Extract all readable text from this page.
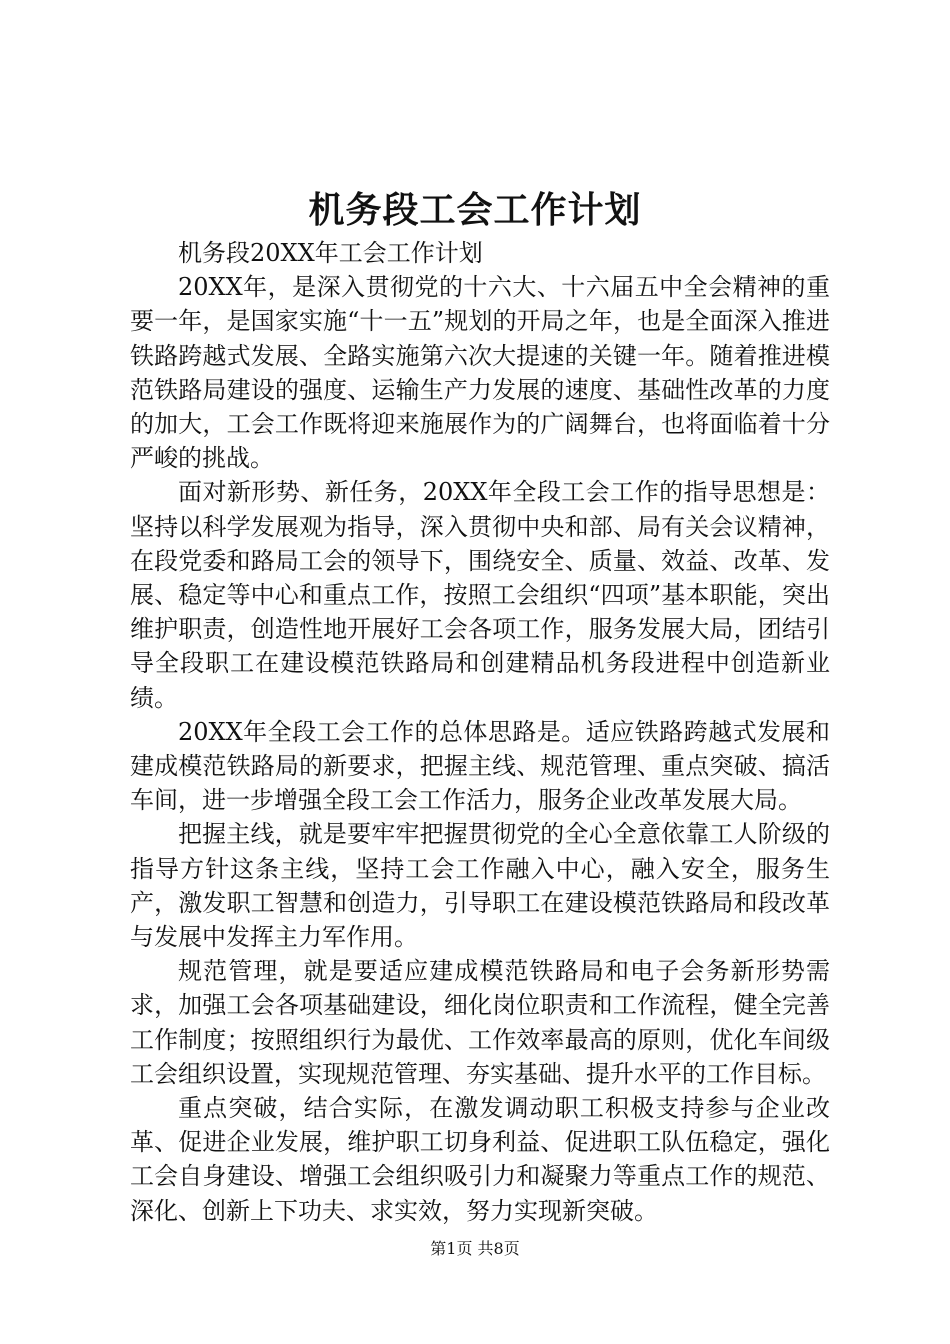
机务段工会工作计划

机务段20XX年工会工作计划

20XX年，是深入贯彻党的十六大、十六届五中全会精神的重要一年，是国家实施“十一五”规划的开局之年，也是全面深入推进铁路跨越式发展、全路实施第六次大提速的关键一年。随着推进模范铁路局建设的强度、运输生产力发展的速度、基础性改革的力度的加大，工会工作既将迎来施展作为的广阔舞台，也将面临着十分严峻的挑战。

面对新形势、新任务，20XX年全段工会工作的指导思想是：坚持以科学发展观为指导，深入贯彻中央和部、局有关会议精神，在段党委和路局工会的领导下，围绕安全、质量、效益、改革、发展、稳定等中心和重点工作，按照工会组织“四项”基本职能，突出维护职责，创造性地开展好工会各项工作，服务发展大局，团结引导全段职工在建设模范铁路局和创建精品机务段进程中创造新业绩。

20XX年全段工会工作的总体思路是。适应铁路跨越式发展和建成模范铁路局的新要求，把握主线、规范管理、重点突破、搞活车间，进一步增强全段工会工作活力，服务企业改革发展大局。

把握主线，就是要牢牢把握贯彻党的全心全意依靠工人阶级的指导方针这条主线，坚持工会工作融入中心，融入安全，服务生产，激发职工智慧和创造力，引导职工在建设模范铁路局和段改革与发展中发挥主力军作用。

规范管理，就是要适应建成模范铁路局和电子会务新形势需求，加强工会各项基础建设，细化岗位职责和工作流程，健全完善工作制度；按照组织行为最优、工作效率最高的原则，优化车间级工会组织设置，实现规范管理、夯实基础、提升水平的工作目标。

重点突破，结合实际，在激发调动职工积极支持参与企业改革、促进企业发展，维护职工切身利益、促进职工队伍稳定，强化工会自身建设、增强工会组织吸引力和凝聚力等重点工作的规范、深化、创新上下功夫、求实效，努力实现新突破。

第1页 共8页
